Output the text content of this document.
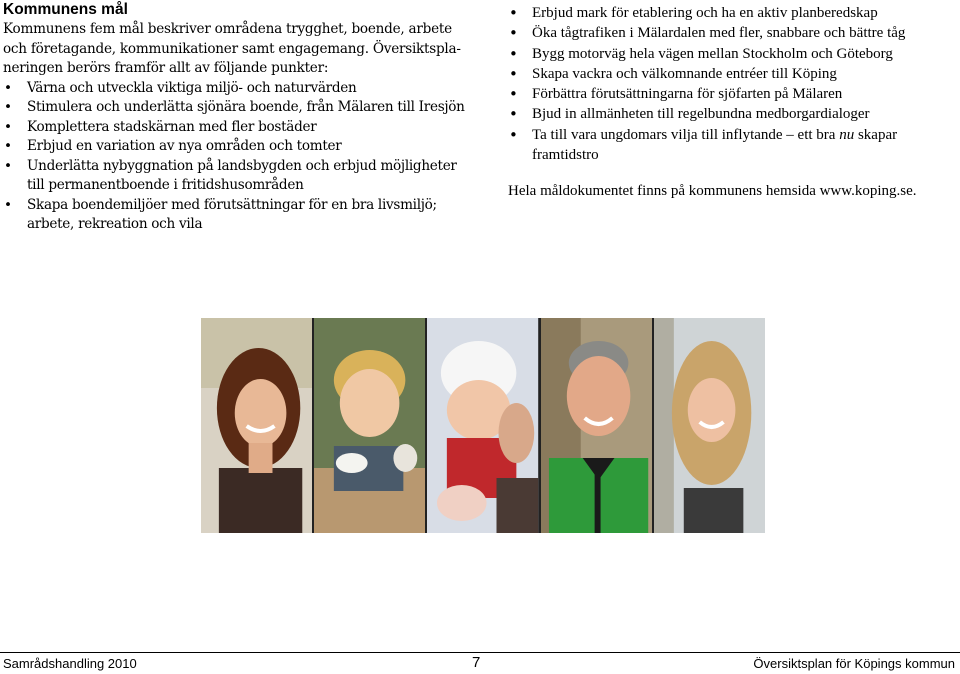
Kommunens mål

Kommunens fem mål beskriver områdena trygghet, boende, arbete och företagande, kommunikationer samt engagemang. Översiktspla-neringen berörs framför allt av följande punkter:

• Värna och utveckla viktiga miljö- och naturvärden
• Stimulera och underlätta sjönära boende, från Mälaren till Iresjön
• Komplettera stadskärnan med fler bostäder
• Erbjud en variation av nya områden och tomter
• Underlätta nybyggnation på landsbygden och erbjud möjligheter till permanentboende i fritidshusområden
• Skapa boendemiljöer med förutsättningar för en bra livsmiljö; arbete, rekreation och vila
• Erbjud mark för etablering och ha en aktiv planberedskap
• Öka tågtrafiken i Mälardalen med fler, snabbare och bättre tåg
• Bygg motorväg hela vägen mellan Stockholm och Göteborg
• Skapa vackra och välkomnande entréer till Köping
• Förbättra förutsättningarna för sjöfarten på Mälaren
• Bjud in allmänheten till regelbundna medborgardialoger
• Ta till vara ungdomars vilja till inflytande – ett bra nu skapar framtidstro

Hela måldokumentet finns på kommunens hemsida www.koping.se.

Samrådshandling 2010	7	Översiktsplan för Köpings kommun
